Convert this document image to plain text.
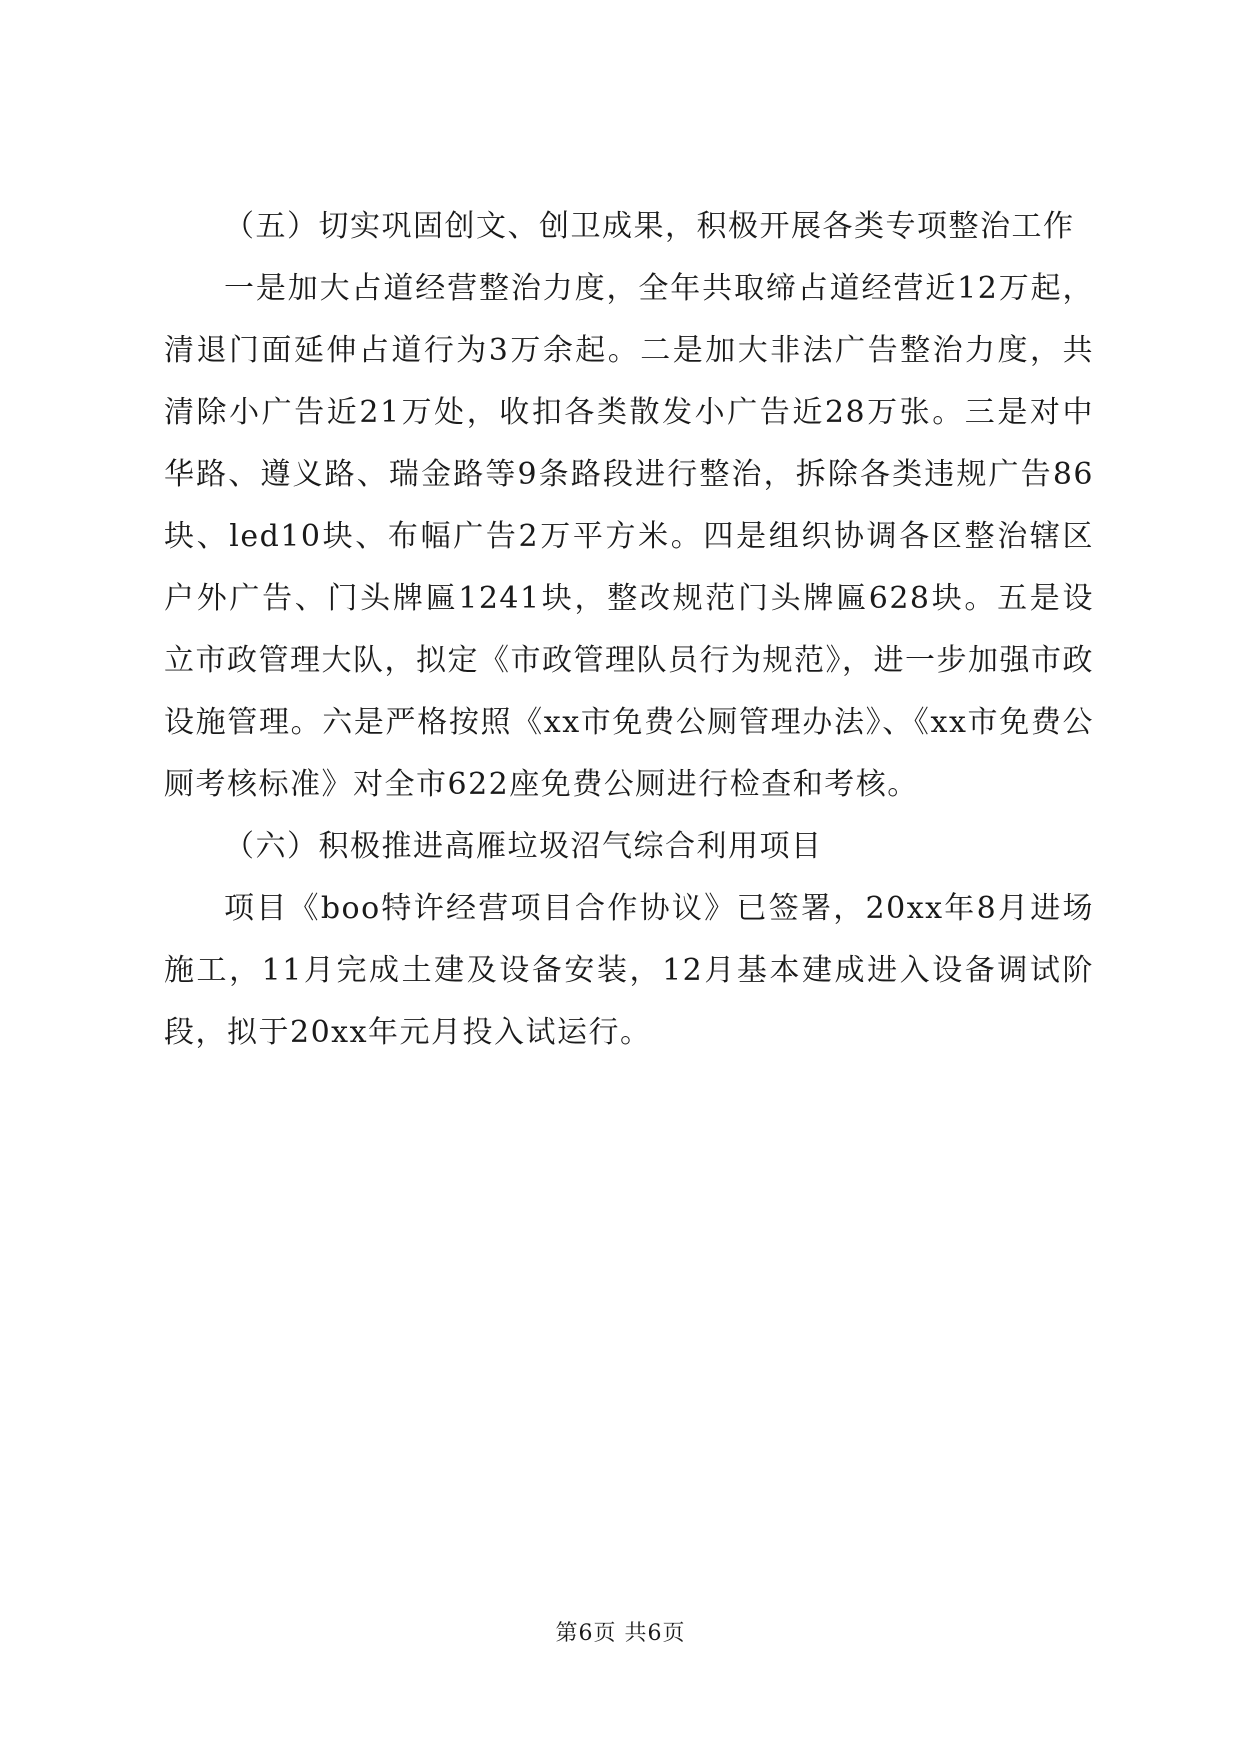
（五）切实巩固创文、创卫成果，积极开展各类专项整治工作

一是加大占道经营整治力度，全年共取缔占道经营近12万起，清退门面延伸占道行为3万余起。二是加大非法广告整治力度，共清除小广告近21万处，收扣各类散发小广告近28万张。三是对中华路、遵义路、瑞金路等9条路段进行整治，拆除各类违规广告86块、led10块、布幅广告2万平方米。四是组织协调各区整治辖区户外广告、门头牌匾1241块，整改规范门头牌匾628块。五是设立市政管理大队，拟定《市政管理队员行为规范》，进一步加强市政设施管理。六是严格按照《xx市免费公厕管理办法》、《xx市免费公厕考核标准》对全市622座免费公厕进行检查和考核。

（六）积极推进高雁垃圾沼气综合利用项目

项目《boo特许经营项目合作协议》已签署，20xx年8月进场施工，11月完成土建及设备安装，12月基本建成进入设备调试阶段，拟于20xx年元月投入试运行。

第6页 共6页
